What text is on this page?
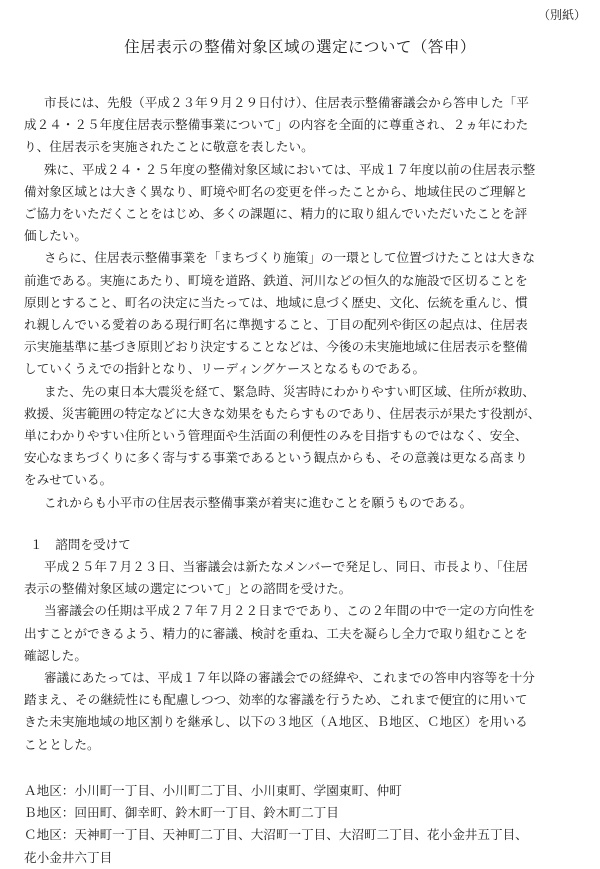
（別紙）
住居表示の整備対象区域の選定について（答申）
市長には、先般（平成２３年９月２９日付け）、住居表示整備審議会から答申した「平
成２４・２５年度住居表示整備事業について」の内容を全面的に尊重され、２ヵ年にわた
り、住居表示を実施されたことに敬意を表したい。
殊に、平成２４・２５年度の整備対象区域においては、平成１７年度以前の住居表示整
備対象区域とは大きく異なり、町境や町名の変更を伴ったことから、地域住民のご理解と
ご協力をいただくことをはじめ、多くの課題に、精力的に取り組んでいただいたことを評
価したい。
さらに、住居表示整備事業を「まちづくり施策」の一環として位置づけたことは大きな
前進である。実施にあたり、町境を道路、鉄道、河川などの恒久的な施設で区切ることを
原則とすること、町名の決定に当たっては、地域に息づく歴史、文化、伝統を重んじ、慣
れ親しんでいる愛着のある現行町名に準拠すること、丁目の配列や街区の起点は、住居表
示実施基準に基づき原則どおり決定することなどは、今後の未実施地域に住居表示を整備
していくうえでの指針となり、リーディングケースとなるものである。
また、先の東日本大震災を経て、緊急時、災害時にわかりやすい町区域、住所が救助、
救援、災害範囲の特定などに大きな効果をもたらすものであり、住居表示が果たす役割が、
単にわかりやすい住所という管理面や生活面の利便性のみを目指すものではなく、安全、
安心なまちづくりに多く寄与する事業であるという観点からも、その意義は更なる高まり
をみせている。
これからも小平市の住居表示整備事業が着実に進むことを願うものである。
１　諮問を受けて
平成２５年７月２３日、当審議会は新たなメンバーで発足し、同日、市長より、「住居
表示の整備対象区域の選定について」との諮問を受けた。
当審議会の任期は平成２７年７月２２日までであり、この２年間の中で一定の方向性を
出すことができるよう、精力的に審議、検討を重ね、工夫を凝らし全力で取り組むことを
確認した。
審議にあたっては、平成１７年以降の審議会での経緯や、これまでの答申内容等を十分
踏まえ、その継続性にも配慮しつつ、効率的な審議を行うため、これまで便宜的に用いて
きた未実施地域の地区割りを継承し、以下の３地区（Ａ地区、Ｂ地区、Ｃ地区）を用いる
こととした。
Ａ地区：小川町一丁目、小川町二丁目、小川東町、学園東町、仲町
Ｂ地区：回田町、御幸町、鈴木町一丁目、鈴木町二丁目
Ｃ地区：天神町一丁目、天神町二丁目、大沼町一丁目、大沼町二丁目、花小金井五丁目、
花小金井六丁目
